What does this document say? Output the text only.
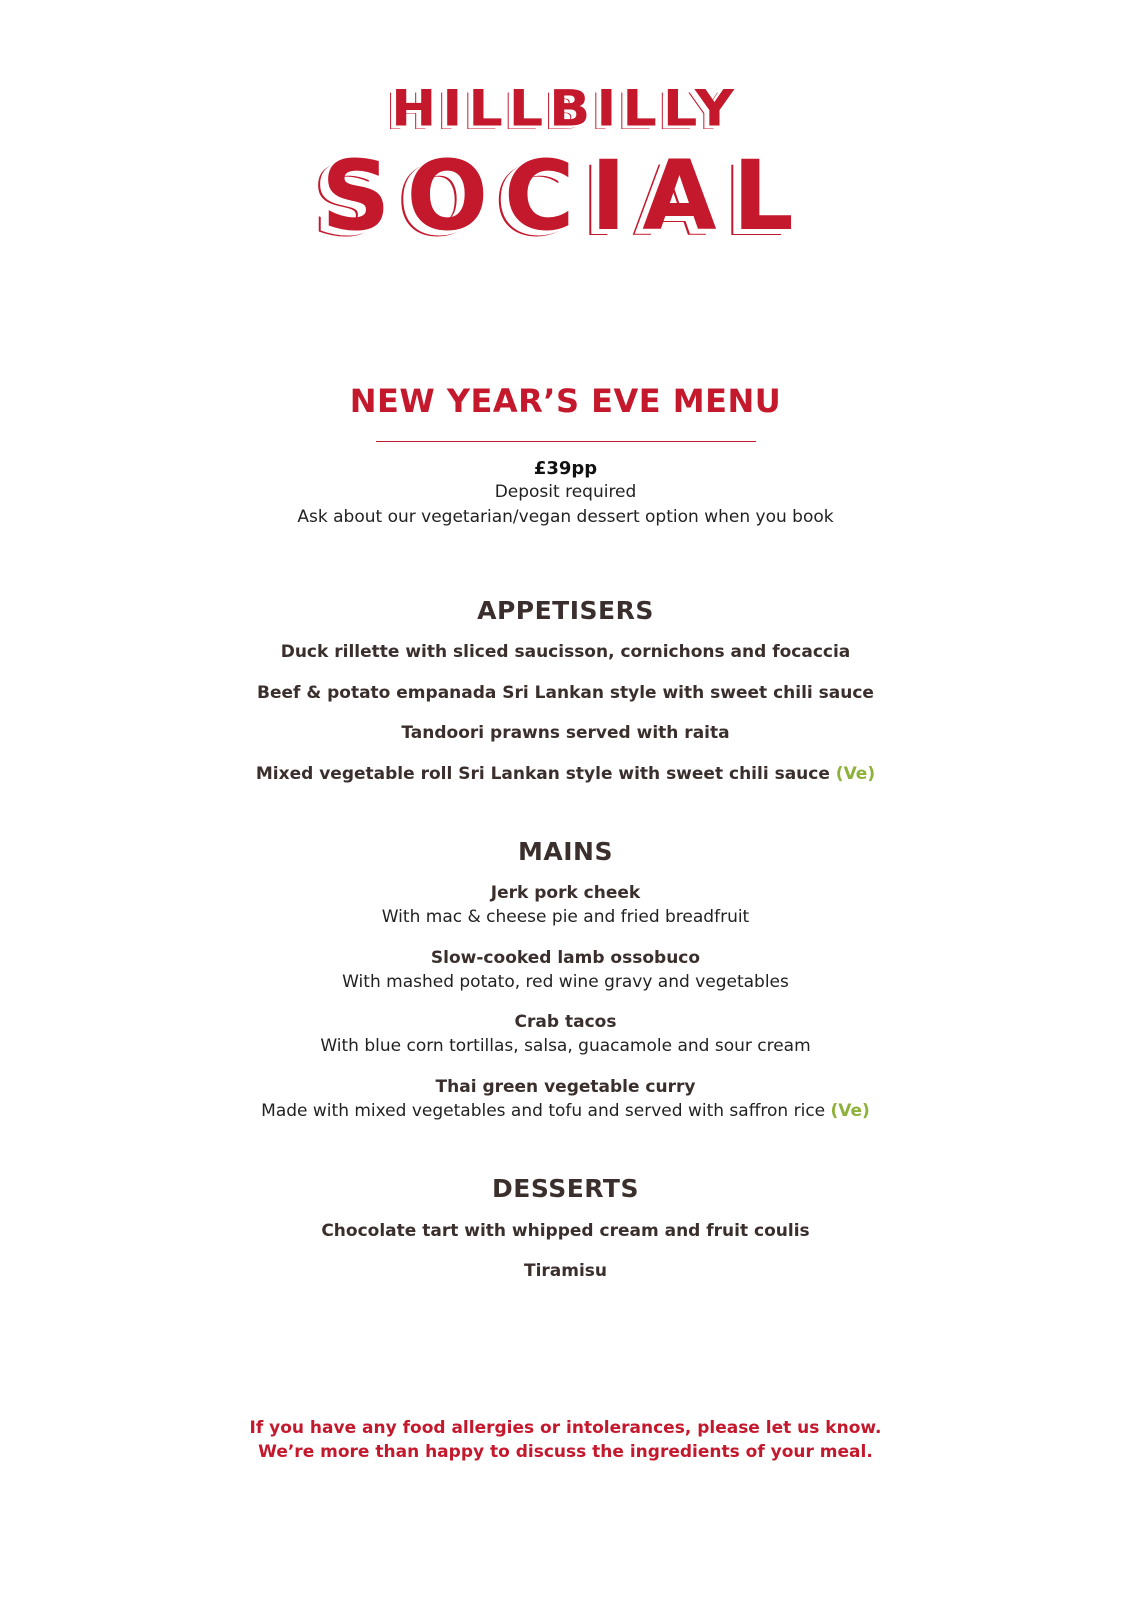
HILLBILLY
SOCIAL
NEW YEAR’S EVE MENU
£39pp
Deposit required
Ask about our vegetarian/vegan dessert option when you book
APPETISERS
Duck rillette with sliced saucisson, cornichons and focaccia
Beef & potato empanada Sri Lankan style with sweet chili sauce
Tandoori prawns served with raita
Mixed vegetable roll Sri Lankan style with sweet chili sauce (Ve)
MAINS
Jerk pork cheek
With mac & cheese pie and fried breadfruit
Slow-cooked lamb ossobuco
With mashed potato, red wine gravy and vegetables
Crab tacos
With blue corn tortillas, salsa, guacamole and sour cream
Thai green vegetable curry
Made with mixed vegetables and tofu and served with saffron rice (Ve)
DESSERTS
Chocolate tart with whipped cream and fruit coulis
Tiramisu
If you have any food allergies or intolerances, please let us know.
We’re more than happy to discuss the ingredients of your meal.
